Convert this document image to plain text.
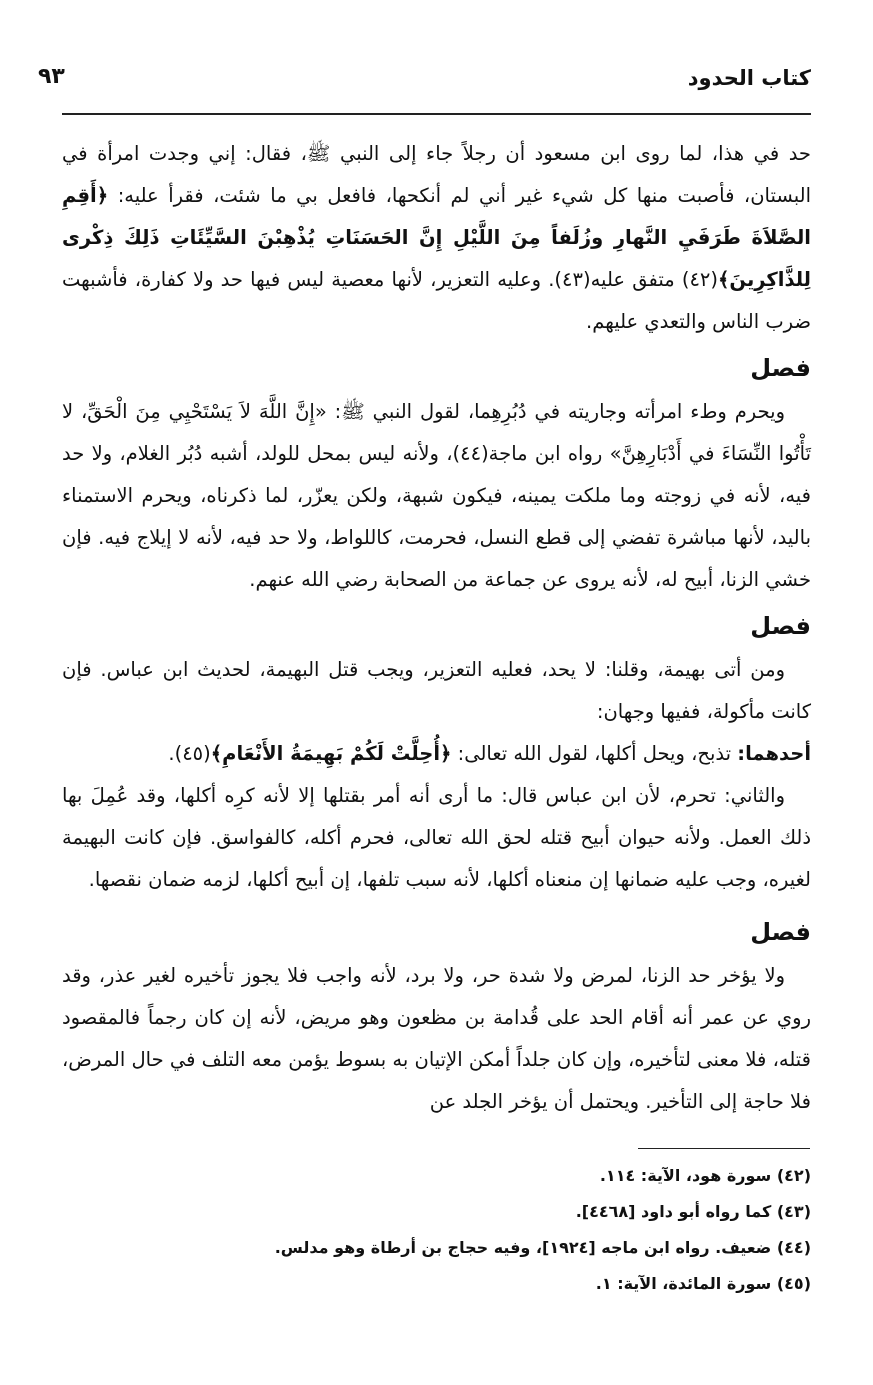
كتاب الحدود
٩٣

حد في هذا، لما روى ابن مسعود أن رجلاً جاء إلى النبي ﷺ، فقال: إني وجدت امرأة في البستان، فأصبت منها كل شيء غير أني لم أنكحها، فافعل بي ما شئت، فقرأ عليه: ﴿أَقِمِ الصَّلاَةَ طَرَفَيِ النَّهارِ وزُلَفاً مِنَ اللَّيْلِ إِنَّ الحَسَنَاتِ يُذْهِبْنَ السَّيِّئَاتِ ذَلِكَ ذِكْرى لِلذَّاكِرِينَ﴾(٤٢) متفق عليه(٤٣). وعليه التعزير، لأنها معصية ليس فيها حد ولا كفارة، فأشبهت ضرب الناس والتعدي عليهم.

فصل

ويحرم وطء امرأته وجاريته في دُبُرِهِما، لقول النبي ﷺ: «إِنَّ اللَّهَ لاَ يَسْتَحْيِي مِنَ الْحَقِّ، لا تَأْتُوا النِّسَاءَ في أَدْبَارِهِنَّ» رواه ابن ماجة(٤٤)، ولأنه ليس بمحل للولد، أشبه دُبُر الغلام، ولا حد فيه، لأنه في زوجته وما ملكت يمينه، فيكون شبهة، ولكن يعزّر، لما ذكرناه، ويحرم الاستمناء باليد، لأنها مباشرة تفضي إلى قطع النسل، فحرمت، كاللواط، ولا حد فيه، لأنه لا إيلاج فيه. فإن خشي الزنا، أبيح له، لأنه يروى عن جماعة من الصحابة رضي الله عنهم.

فصل

ومن أتى بهيمة، وقلنا: لا يحد، فعليه التعزير، ويجب قتل البهيمة، لحديث ابن عباس. فإن كانت مأكولة، ففيها وجهان:

أحدهما: تذبح، ويحل أكلها، لقول الله تعالى: ﴿أُحِلَّتْ لَكُمْ بَهِيمَةُ الأَنْعَامِ﴾(٤٥).

والثاني: تحرم، لأن ابن عباس قال: ما أرى أنه أمر بقتلها إلا لأنه كرِه أكلها، وقد عُمِلَ بها ذلك العمل. ولأنه حيوان أبيح قتله لحق الله تعالى، فحرم أكله، كالفواسق. فإن كانت البهيمة لغيره، وجب عليه ضمانها إن منعناه أكلها، لأنه سبب تلفها، إن أبيح أكلها، لزمه ضمان نقصها.

فصل

ولا يؤخر حد الزنا، لمرض ولا شدة حر، ولا برد، لأنه واجب فلا يجوز تأخيره لغير عذر، وقد روي عن عمر أنه أقام الحد على قُدامة بن مظعون وهو مريض، لأنه إن كان رجماً فالمقصود قتله، فلا معنى لتأخيره، وإن كان جلداً أمكن الإتيان به بسوط يؤمن معه التلف في حال المرض، فلا حاجة إلى التأخير. ويحتمل أن يؤخر الجلد عن

(٤٢) سورة هود، الآية: ١١٤.
(٤٣) كما رواه أبو داود [٤٤٦٨].
(٤٤) ضعيف. رواه ابن ماجه [١٩٢٤]، وفيه حجاج بن أرطاة وهو مدلس.
(٤٥) سورة المائدة، الآية: ١.
